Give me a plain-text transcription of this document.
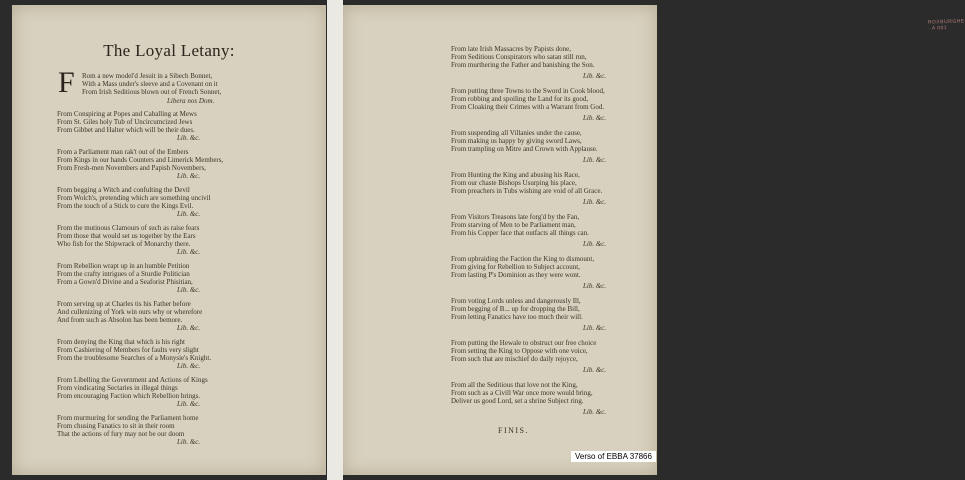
The Loyal Letany:
F Rom a new model'd Jesuit in a Sibech Bonnet,
With a Mass under's sleeve and a Covenant on it
From Irish Seditious blown out of French Sonnet,
Libera nos Dom.
From Conspiring at Popes and Caballing at Mews
From St. Giles holy Tub of Uncircumcized Jews
From Gibbet and Halter which will be their dues.
Lib. &c.
From a Parliament man rak't out of the Embers
From Kings in our hands Counters and Limerick Members,
From Fresh-men Novembers and Papish Novembers,
Lib. &c.
From begging a Witch and confulting the Devil
From Wolch's, pretending which are something uncivil
From the touch of a Stick to cure the Kings Evil.
Lib. &c.
From the mutinous Clamours of such as raise fears
From those that would set us together by the Ears
Who fish for the Shipwrack of Monarchy there.
Lib. &c.
From Rebellion wrapt up in an humble Petition
From the crafty intrigues of a Sturdie Politician
From a Gown'd Divine and a Seaforist Phisitian,
Lib. &c.
From serving up at Charles tis his Father before
And cullenizing of York win ours why or wherefore
And from such as Absolon has been bemore.
Lib. &c.
From denying the King that which is his right
From Cashiering of Members for faults very slight
From the troublesome Searches of a Monysie's Knight.
Lib. &c.
From Libelling the Government and Actions of Kings
From vindicating Sectaries in illegal things
From encouraging Faction which Rebellion brings.
Lib. &c.
From murmuring for sending the Parliament home
From chusing Fanatics to sit in their room
That the actions of fury may not be our doom
Lib. &c.
ROXBURGHE · A 001
From late Irish Massacres by Papists done,
From Seditious Conspirators who satan still run,
From murthering the Father and banishing the Son.
Lib. &c.
From putting three Towns to the Sword in Cook blood,
From robbing and spoiling the Land for its good,
From Cloaking their Crimes with a Warrant from God.
Lib. &c.
From suspending all Villanies under the cause,
From making us happy by giving sword Laws,
From trampling on Mitre and Crown with Applause.
Lib. &c.
From Hunting the King and abusing his Race,
From our chaste Bishops Usurping his place,
From preachers in Tubs wishing are void of all Grace.
Lib. &c.
From Visitors Treasons late forg'd by the Fan,
From starving of Men to be Parliament man,
From his Copper face that outfacts all things can.
Lib. &c.
From upbraiding the Faction the King to dismount,
From giving for Rebellion to Subject account,
From lasting P's Dominion as they were wont.
Lib. &c.
From voting Lords unless and dangerously Ill,
From begging of B... up for dropping the Bill,
From letting Fanatics have too much their will.
Lib. &c.
From putting the Hewale to obstruct our free choice
From setting the King to Oppose with one voice,
From such that are mischief do daily rejoyce,
Lib. &c.
From all the Seditious that love not the King,
From such as a Civill War once more would bring,
Deliver us good Lord, set a shrine Subject ring.
Lib. &c.
FINIS.
Verso of EBBA 37866
